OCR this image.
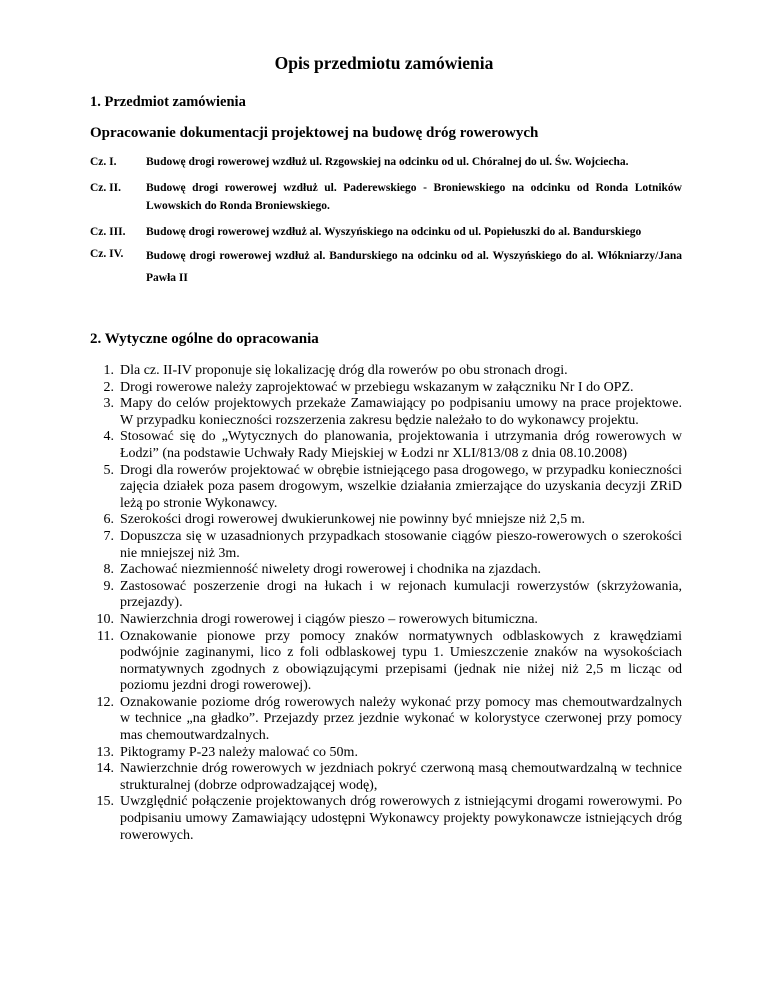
Opis przedmiotu zamówienia
1. Przedmiot zamówienia
Opracowanie dokumentacji projektowej na budowę dróg rowerowych
Cz. I.	Budowę drogi rowerowej wzdłuż ul. Rzgowskiej na odcinku od ul. Chóralnej do ul. Św. Wojciecha.
Cz. II.	Budowę drogi rowerowej wzdłuż ul. Paderewskiego - Broniewskiego na odcinku od Ronda Lotników Lwowskich do Ronda Broniewskiego.
Cz. III.	Budowę drogi rowerowej wzdłuż al. Wyszyńskiego na odcinku od ul. Popiełuszki do al. Bandurskiego
Cz. IV.	Budowę drogi rowerowej wzdłuż al. Bandurskiego na odcinku od al. Wyszyńskiego do al. Włókniarzy/Jana Pawła II
2. Wytyczne ogólne do opracowania
1. Dla cz. II-IV proponuje się lokalizację dróg dla rowerów po obu stronach drogi.
2. Drogi rowerowe należy zaprojektować w przebiegu wskazanym w załączniku Nr I do OPZ.
3. Mapy do celów projektowych przekaże Zamawiający po podpisaniu umowy na prace projektowe. W przypadku konieczności rozszerzenia zakresu będzie należało to do wykonawcy projektu.
4. Stosować się do „Wytycznych do planowania, projektowania i utrzymania dróg rowerowych w Łodzi” (na podstawie Uchwały Rady Miejskiej w Łodzi nr XLI/813/08 z dnia 08.10.2008)
5. Drogi dla rowerów projektować w obrębie istniejącego pasa drogowego, w przypadku konieczności zajęcia działek poza pasem drogowym, wszelkie działania zmierzające do uzyskania decyzji ZRiD leżą po stronie Wykonawcy.
6. Szerokości drogi rowerowej dwukierunkowej nie powinny być mniejsze niż 2,5 m.
7. Dopuszcza się w uzasadnionych przypadkach stosowanie ciągów pieszo-rowerowych o szerokości nie mniejszej niż 3m.
8. Zachować niezmienność niwelety drogi rowerowej i chodnika na zjazdach.
9. Zastosować poszerzenie drogi na łukach i w rejonach kumulacji rowerzystów (skrzyżowania, przejazdy).
10. Nawierzchnia drogi rowerowej i ciągów pieszo – rowerowych bitumiczna.
11. Oznakowanie pionowe przy pomocy znaków normatywnych odblaskowych z krawędziami podwójnie zaginanymi, lico z foli odblaskowej typu 1. Umieszczenie znaków na wysokościach normatywnych zgodnych z obowiązującymi przepisami (jednak nie niżej niż 2,5 m licząc od poziomu jezdni drogi rowerowej).
12. Oznakowanie poziome dróg rowerowych należy wykonać przy pomocy mas chemoutwardzalnych w technice „na gładko”. Przejazdy przez jezdnie wykonać w kolorystyce czerwonej przy pomocy mas chemoutwardzalnych.
13. Piktogramy P-23 należy malować co 50m.
14. Nawierzchnie dróg rowerowych w jezdniach pokryć czerwoną masą chemoutwardzalną w technice strukturalnej (dobrze odprowadzającej wodę),
15. Uwzględnić połączenie projektowanych dróg rowerowych z istniejącymi drogami rowerowymi. Po podpisaniu umowy Zamawiający udostępni Wykonawcy projekty powykonawcze istniejących dróg rowerowych.
